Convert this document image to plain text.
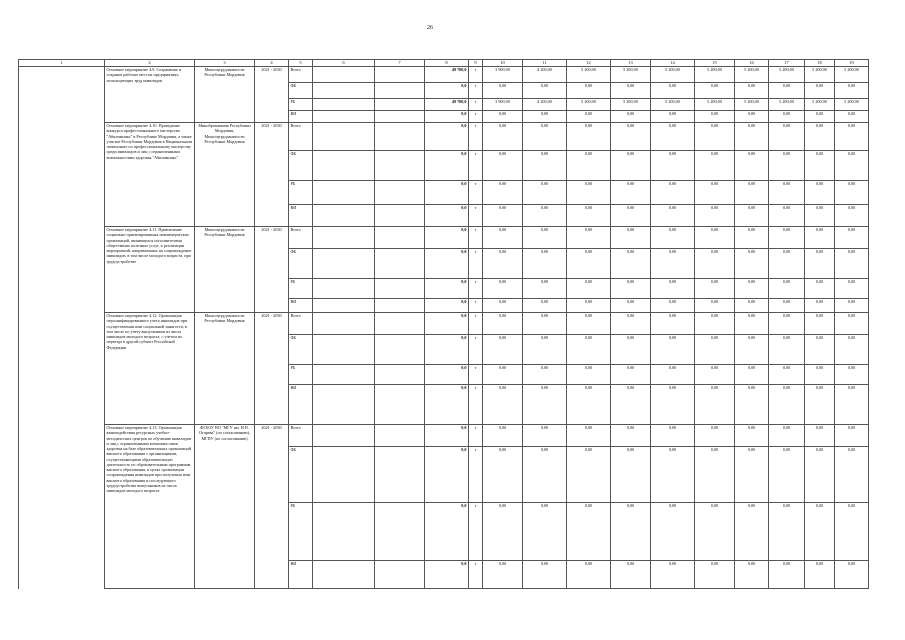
26
1	2	3	4	5	6	7	8	9	10	11	12	13	14	15	16	17	18	19
	Основное мероприятие 4.9. Сохранение и создание рабочих мест на предприятиях, использующих труд инвалидов	Минсоцтрудзанятости Республики Мордовия	2021 - 2030	Всего			49 700,0	т	3 900,00	4 200,00	5 200,00	5 200,00	5 200,00	5 200,00	5 200,00	5 200,00	5 200,00	5 200,00
				ФБ			0,0	т	0,00	0,00	0,00	0,00	0,00	0,00	0,00	0,00	0,00	0,00
				РБ			49 700,0	т	3 900,00	4 200,00	5 200,00	5 200,00	5 200,00	5 200,00	5 200,00	5 200,00	5 200,00	5 200,00
				ВИ			0,0	т	0,00	0,00	0,00	0,00	0,00	0,00	0,00	0,00	0,00	0,00
	Основное мероприятие 4.10. Проведение конкурса профессионального мастерства "Абилимпикс" в Республике Мордовия, а также участие Республики Мордовия в Национальном чемпионате по профессиональному мастерству среди инвалидов и лиц с ограниченными возможностями здоровья "Абилимпикс"	Минобразования Республики Мордовия, Минсоцтрудзанятости Республики Мордовия	2021 - 2030	Всего			0,0	т	0,00	0,00	0,00	0,00	0,00	0,00	0,00	0,00	0,00	0,00
				ФБ			0,0	т	0,00	0,00	0,00	0,00	0,00	0,00	0,00	0,00	0,00	0,00
				РБ			0,0	т	0,00	0,00	0,00	0,00	0,00	0,00	0,00	0,00	0,00	0,00
				ВИ			0,0	т	0,00	0,00	0,00	0,00	0,00	0,00	0,00	0,00	0,00	0,00
	Основное мероприятие 4.11. Привлечение социально-ориентированных некоммерческих организаций, являющихся исполнителями общественно полезных услуг, к реализации мероприятий, направленных на сопровождение инвалидов, в том числе молодого возраста, при трудоустройстве	Минсоцтрудзанятости Республики Мордовия	2021 - 2030	Всего			0,0	т	0,00	0,00	0,00	0,00	0,00	0,00	0,00	0,00	0,00	0,00
				ФБ			0,0	т	0,00	0,00	0,00	0,00	0,00	0,00	0,00	0,00	0,00	0,00
				РБ			0,0	т	0,00	0,00	0,00	0,00	0,00	0,00	0,00	0,00	0,00	0,00
				ВИ			0,0	т	0,00	0,00	0,00	0,00	0,00	0,00	0,00	0,00	0,00	0,00
	Основное мероприятие 4.12. Организация персонифицированного учета инвалидов при осуществлении ими социальной занятости, в том числе по учету выпускников из числа инвалидов молодого возраста, с учетом их переезда в другой субъект Российской Федерации	Минсоцтрудзанятости Республики Мордовия	2021 - 2030	Всего			0,0	т	0,00	0,00	0,00	0,00	0,00	0,00	0,00	0,00	0,00	0,00
				ФБ			0,0	т	0,00	0,00	0,00	0,00	0,00	0,00	0,00	0,00	0,00	0,00
				РБ			0,0	т	0,00	0,00	0,00	0,00	0,00	0,00	0,00	0,00	0,00	0,00
				ВИ			0,0	т	0,00	0,00	0,00	0,00	0,00	0,00	0,00	0,00	0,00	0,00
	Основное мероприятие 4.13. Организация взаимодействия ресурсных учебно-методических центров по обучению инвалидов и лиц с ограниченными возможностями здоровья на базе образовательных организаций высшего образования с организациями, осуществляющими образовательную деятельность по образовательным программам высшего образования, в целях организации сопровождения инвалидов при получении ими высшего образования и последующего трудоустройства выпускников из числа инвалидов молодого возраста	ФГБОУ ВО "МГУ им. Н.П. Огарева" (по согласованию), МГПУ (по согласованию)	2021 - 2030	Всего			0,0	т	0,00	0,00	0,00	0,00	0,00	0,00	0,00	0,00	0,00	0,00
				ФБ			0,0	т	0,00	0,00	0,00	0,00	0,00	0,00	0,00	0,00	0,00	0,00
				РБ			0,0	т	0,00	0,00	0,00	0,00	0,00	0,00	0,00	0,00	0,00	0,00
				ВИ			0,0	т	0,00	0,00	0,00	0,00	0,00	0,00	0,00	0,00	0,00	0,00
